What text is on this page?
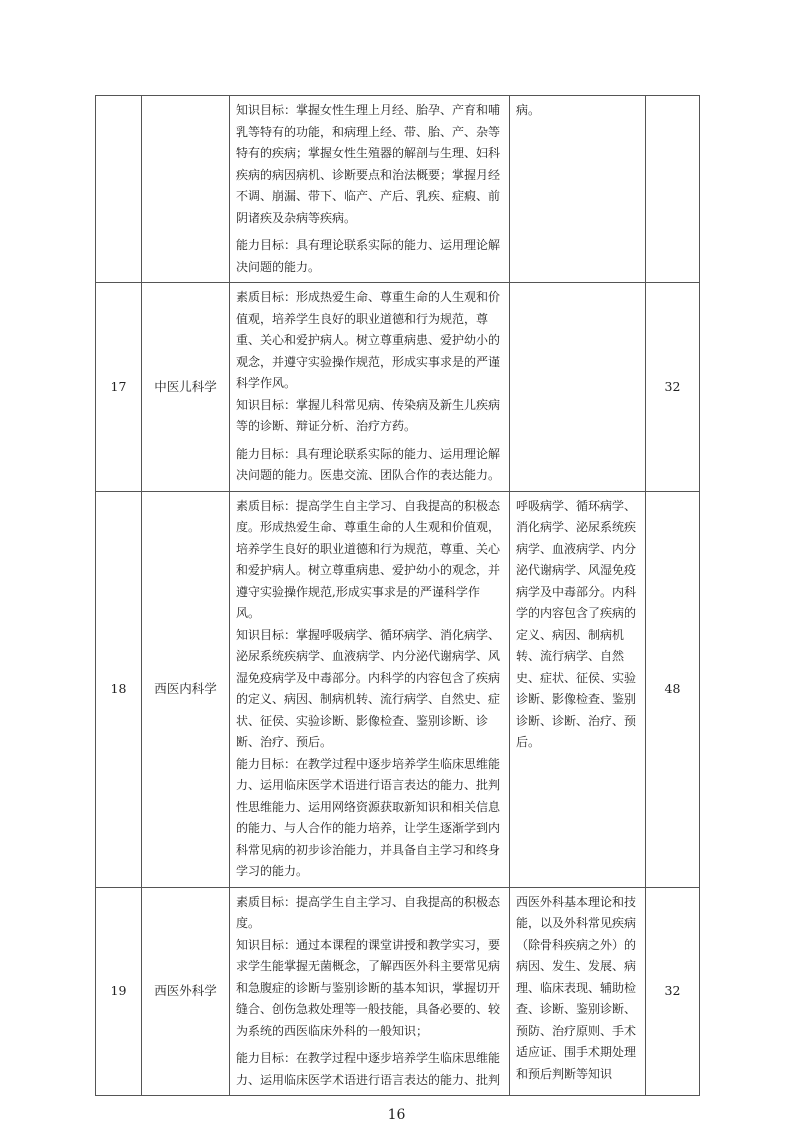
		知识目标：掌握女性生理上月经、胎孕、产育和哺乳等特有的功能，和病理上经、带、胎、产、杂等特有的疾病；掌握女性生殖器的解剖与生理、妇科疾病的病因病机、诊断要点和治法概要；掌握月经不调、崩漏、带下、临产、产后、乳疾、症瘕、前阴诸疾及杂病等疾病。

能力目标：具有理论联系实际的能力、运用理论解决问题的能力。	病。	
17	中医儿科学	素质目标：形成热爱生命、尊重生命的人生观和价值观，培养学生良好的职业道德和行为规范，尊重、关心和爱护病人。树立尊重病患、爱护幼小的观念，并遵守实验操作规范，形成实事求是的严谨科学作风。

知识目标：掌握儿科常见病、传染病及新生儿疾病等的诊断、辩证分析、治疗方药。

能力目标：具有理论联系实际的能力、运用理论解决问题的能力。医患交流、团队合作的表达能力。		32
18	西医内科学	素质目标：提高学生自主学习、自我提高的积极态度。形成热爱生命、尊重生命的人生观和价值观，培养学生良好的职业道德和行为规范，尊重、关心和爱护病人。树立尊重病患、爱护幼小的观念，并遵守实验操作规范,形成实事求是的严谨科学作风。

知识目标：掌握呼吸病学、循环病学、消化病学、泌尿系统疾病学、血液病学、内分泌代谢病学、风湿免疫病学及中毒部分。内科学的内容包含了疾病的定义、病因、制病机转、流行病学、自然史、症状、征侯、实验诊断、影像检查、鉴别诊断、诊断、治疗、预后。

能力目标：在教学过程中逐步培养学生临床思维能力、运用临床医学术语进行语言表达的能力、批判性思维能力、运用网络资源获取新知识和相关信息的能力、与人合作的能力培养，让学生逐渐学到内科常见病的初步诊治能力，并具备自主学习和终身学习的能力。	呼吸病学、循环病学、消化病学、泌尿系统疾病学、血液病学、内分泌代谢病学、风湿免疫病学及中毒部分。内科学的内容包含了疾病的定义、病因、制病机转、流行病学、自然史、症状、征侯、实验诊断、影像检查、鉴别诊断、诊断、治疗、预后。	48
19	西医外科学	素质目标：提高学生自主学习、自我提高的积极态度。

知识目标：通过本课程的课堂讲授和教学实习，要求学生能掌握无菌概念，了解西医外科主要常见病和急腹症的诊断与鉴别诊断的基本知识，掌握切开缝合、创伤急救处理等一般技能，具备必要的、较为系统的西医临床外科的一般知识；

能力目标：在教学过程中逐步培养学生临床思维能力、运用临床医学术语进行语言表达的能力、批判	西医外科基本理论和技能，以及外科常见疾病（除骨科疾病之外）的病因、发生、发展、病理、临床表现、辅助检查、诊断、鉴别诊断、预防、治疗原则、手术适应证、围手术期处理和预后判断等知识	32
16
